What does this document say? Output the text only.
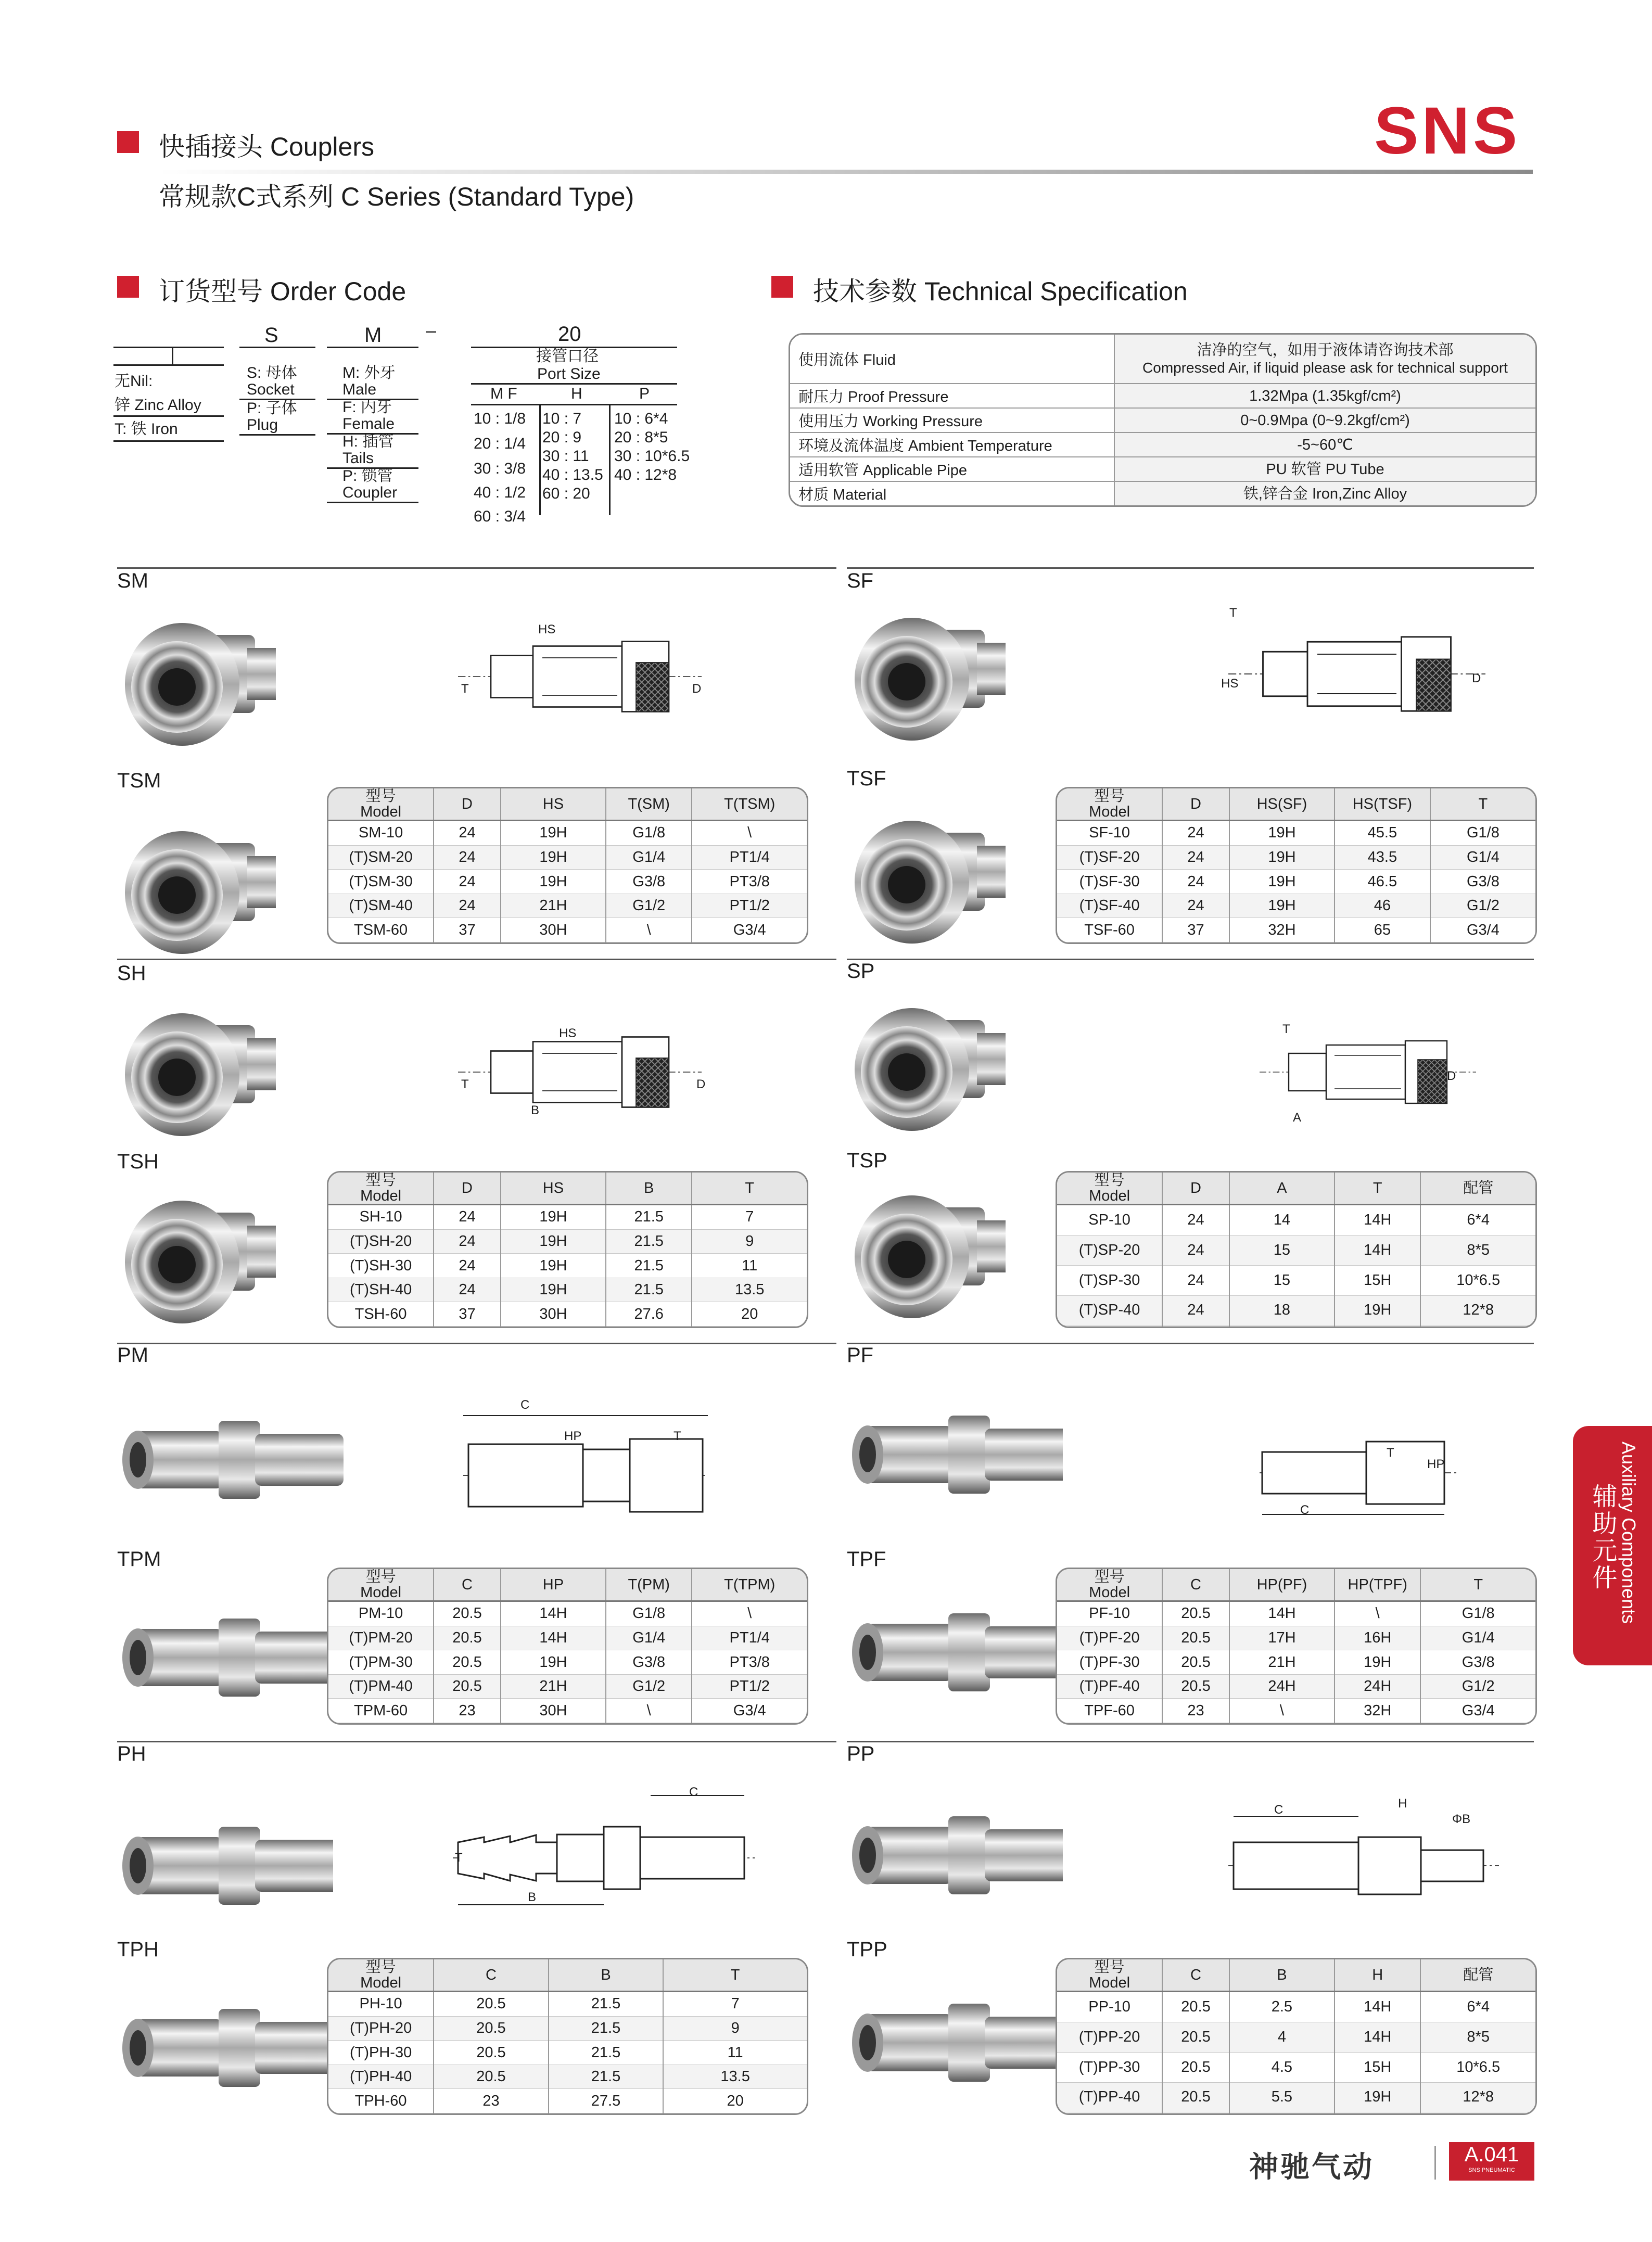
快插接头 Couplers
常规款C式系列 C Series (Standard Type)
SNS
订货型号 Order Code
S	M –	20
无Nil:
锌 Zinc Alloy
T: 铁 Iron
S: 母体
Socket
P: 子体
Plug
M: 外牙
Male
F: 内牙
Female
H: 插管
Tails
P: 锁管
Coupler
接管口径
Port Size
M F	H	P
10 : 1/8
20 : 1/4
30 : 3/8
40 : 1/2
60 : 3/4
10 : 7
20 : 9
30 : 11
40 : 13.5
60 : 20
10 : 6*4
20 : 8*5
30 : 10*6.5
40 : 12*8
技术参数 Technical Specification
使用流体 Fluid	洁净的空气，如用于液体请咨询技术部
Compressed Air, if liquid please ask for technical support

耐压力 Proof Pressure	1.32Mpa (1.35kgf/cm²)
使用压力 Working Pressure	0~0.9Mpa (0~9.2kgf/cm²)
环境及流体温度 Ambient Temperature	-5~60℃
适用软管 Applicable Pipe	PU 软管 PU Tube
材质 Material	铁,锌合金 Iron,Zinc Alloy
SM
HS
T	D
TSM
型号
Model	D	HS	T(SM)	T(TSM)
SM-10	24	19H	G1/8	\
(T)SM-20	24	19H	G1/4	PT1/4
(T)SM-30	24	19H	G3/8	PT3/8
(T)SM-40	24	21H	G1/2	PT1/2
TSM-60	37	30H	\	G3/4
SF
T
HS	D
TSF
型号
Model	D	HS(SF)	HS(TSF)	T
SF-10	24	19H	45.5	G1/8
(T)SF-20	24	19H	43.5	G1/4
(T)SF-30	24	19H	46.5	G3/8
(T)SF-40	24	19H	46	G1/2
TSF-60	37	32H	65	G3/4
SH
HS
T
B
D
TSH
型号
Model	D	HS	B	T
SH-10	24	19H	21.5	7
(T)SH-20	24	19H	21.5	9
(T)SH-30	24	19H	21.5	11
(T)SH-40	24	19H	21.5	13.5
TSH-60	37	30H	27.6	20
SP
T
A
D
TSP
型号
Model	D	A	T	配管
SP-10	24	14	14H	6*4
(T)SP-20	24	15	14H	8*5
(T)SP-30	24	15	15H	10*6.5
(T)SP-40	24	18	19H	12*8

PM
C
HP	T
TPM
型号
Model	C	HP	T(PM)	T(TPM)
PM-10	20.5	14H	G1/8	\
(T)PM-20	20.5	14H	G1/4	PT1/4
(T)PM-30	20.5	19H	G3/8	PT3/8
(T)PM-40	20.5	21H	G1/2	PT1/2
TPM-60	23	30H	\	G3/4
PF
T
C
HP
TPF
型号
Model	C	HP(PF)	HP(TPF)	T
PF-10	20.5	14H	\	G1/8
(T)PF-20	20.5	17H	16H	G1/4
(T)PF-30	20.5	21H	19H	G3/8
(T)PF-40	20.5	24H	24H	G1/2
TPF-60	23	\	32H	G3/4
PH
C
T
B
TPH
型号
Model	C	B	T
PH-10	20.5	21.5	7
(T)PH-20	20.5	21.5	9
(T)PH-30	20.5	21.5	11
(T)PH-40	20.5	21.5	13.5
TPH-60	23	27.5	20
PP
C	H
ΦB
TPP
型号
Model	C	B	H	配管
PP-10	20.5	2.5	14H	6*4
(T)PP-20	20.5	4	14H	8*5
(T)PP-30	20.5	4.5	15H	10*6.5
(T)PP-40	20.5	5.5	19H	12*8

Auxiliary Components
辅助元件
神驰气动	A.041
SNS PNEUMATIC
